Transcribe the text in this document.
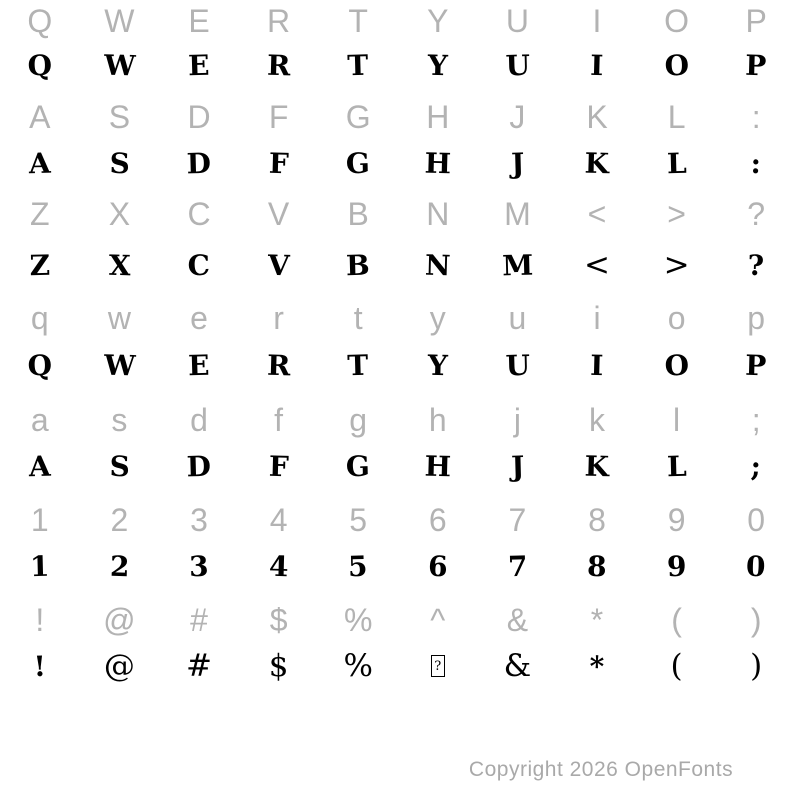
Q	W	E	R	T	Y	U	I	O	P
Q	W	E	R	T	Y	U	I	O	P
A	S	D	F	G	H	J	K	L	:
A	S	D	F	G	H	J	K	L	:
Z	X	C	V	B	N	M	<	>	?
Z	X	C	V	B	N	M	<	>	?
q	w	e	r	t	y	u	i	o	p
Q	W	E	R	T	Y	U	I	O	P
a	s	d	f	g	h	j	k	l	;
A	S	D	F	G	H	J	K	L	;
1	2	3	4	5	6	7	8	9	0
1	2	3	4	5	6	7	8	9	0
!	@	#	$	%	^	&	*	(	)
!	@	#	$	%	?	&	*	(	)
Copyright 2026 OpenFonts
